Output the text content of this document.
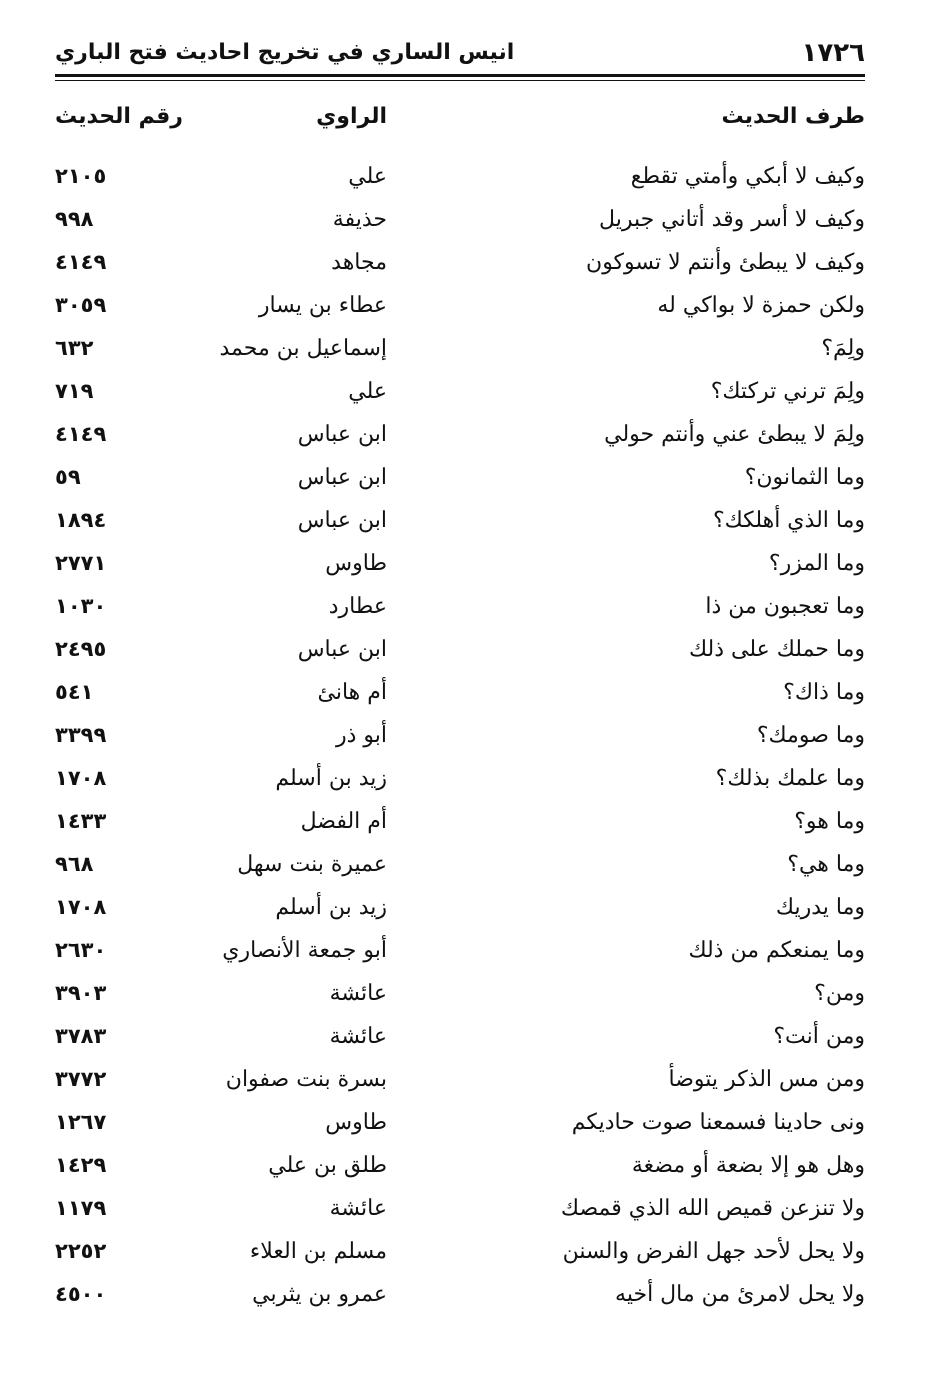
١٧٢٦
انيس الساري في تخريج احاديث فتح الباري
طرف الحديث
الراوي
رقم الحديث
وكيف لا أبكي وأمتي تقطع
علي
٢١٠٥
وكيف لا أسر وقد أتاني جبريل
حذيفة
٩٩٨
وكيف لا يبطئ وأنتم لا تسوكون
مجاهد
٤١٤٩
ولكن حمزة لا بواكي له
عطاء بن يسار
٣٠٥٩
ولِمَ؟
إسماعيل بن محمد
٦٣٢
ولِمَ ترني تركتك؟
علي
٧١٩
ولِمَ لا يبطئ عني وأنتم حولي
ابن عباس
٤١٤٩
وما الثمانون؟
ابن عباس
٥٩
وما الذي أهلكك؟
ابن عباس
١٨٩٤
وما المزر؟
طاوس
٢٧٧١
وما تعجبون من ذا
عطارد
١٠٣٠
وما حملك على ذلك
ابن عباس
٢٤٩٥
وما ذاك؟
أم هانئ
٥٤١
وما صومك؟
أبو ذر
٣٣٩٩
وما علمك بذلك؟
زيد بن أسلم
١٧٠٨
وما هو؟
أم الفضل
١٤٣٣
وما هي؟
عميرة بنت سهل
٩٦٨
وما يدريك
زيد بن أسلم
١٧٠٨
وما يمنعكم من ذلك
أبو جمعة الأنصاري
٢٦٣٠
ومن؟
عائشة
٣٩٠٣
ومن أنت؟
عائشة
٣٧٨٣
ومن مس الذكر يتوضأ
بسرة بنت صفوان
٣٧٧٢
ونى حادينا فسمعنا صوت حاديكم
طاوس
١٢٦٧
وهل هو إلا بضعة أو مضغة
طلق بن علي
١٤٢٩
ولا تنزعن قميص الله الذي قمصك
عائشة
١١٧٩
ولا يحل لأحد جهل الفرض والسنن
مسلم بن العلاء
٢٢٥٢
ولا يحل لامرئ من مال أخيه
عمرو بن يثربي
٤٥٠٠
